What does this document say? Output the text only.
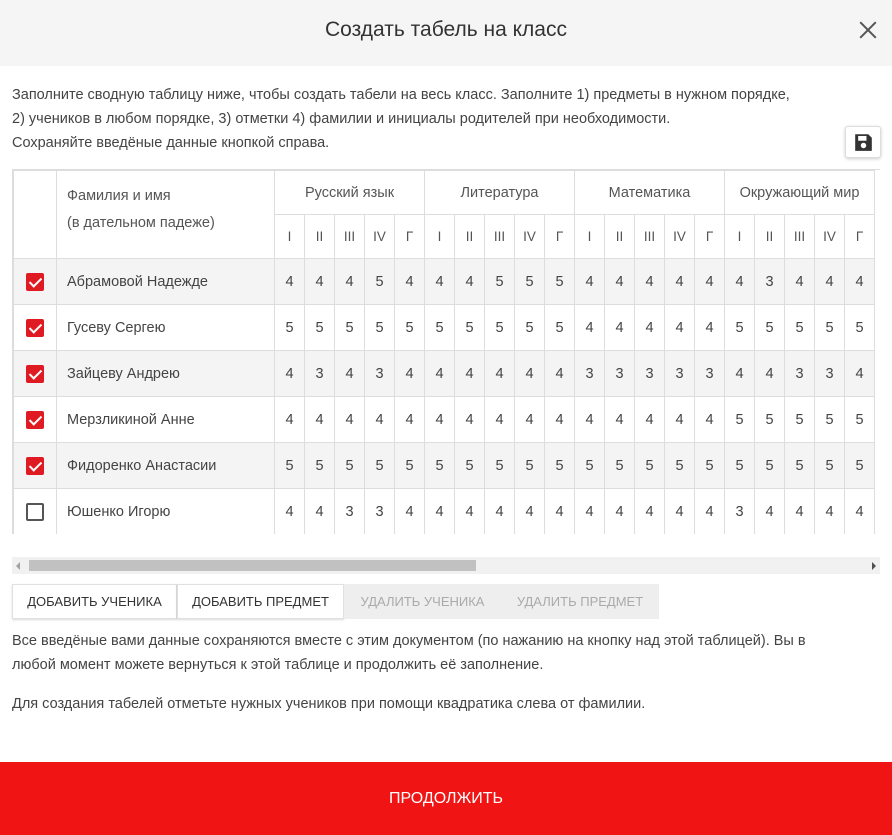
Создать табель на класс
Заполните сводную таблицу ниже, чтобы создать табели на весь класс. Заполните 1) предметы в нужном порядке,
2) учеников в любом порядке, 3) отметки 4) фамилии и инициалы родителей при необходимости.
Сохраняйте введёные данные кнопкой справа.

	Фамилия и имя
(в дательном падеже)	Русский язык					Литература					Математика					Окружающий мир				
		I	II	III	IV	Г	I	II	III	IV	Г	I	II	III	IV	Г	I	II	III	IV	Г
	Абрамовой Надежде	4	4	4	5	4	4	4	5	5	5	4	4	4	4	4	4	3	4	4	4
	Гусеву Сергею	5	5	5	5	5	5	5	5	5	5	4	4	4	4	4	5	5	5	5	5
	Зайцеву Андрею	4	3	4	3	4	4	4	4	4	4	3	3	3	3	3	4	4	3	3	4
	Мерзликиной Анне	4	4	4	4	4	4	4	4	4	4	4	4	4	4	4	5	5	5	5	5
	Фидоренко Анастасии	5	5	5	5	5	5	5	5	5	5	5	5	5	5	5	5	5	5	5	5
	Юшенко Игорю	4	4	3	3	4	4	4	4	4	4	4	4	4	4	4	3	4	4	4	4
ДОБАВИТЬ УЧЕНИКА	ДОБАВИТЬ ПРЕДМЕТ	УДАЛИТЬ УЧЕНИКА	УДАЛИТЬ ПРЕДМЕТ
Все введёные вами данные сохраняются вместе с этим документом (по нажанию на кнопку над этой таблицей). Вы в
любой момент можете вернуться к этой таблице и продолжить её заполнение.
Для создания табелей отметьте нужных учеников при помощи квадратика слева от фамилии.
ПРОДОЛЖИТЬ
